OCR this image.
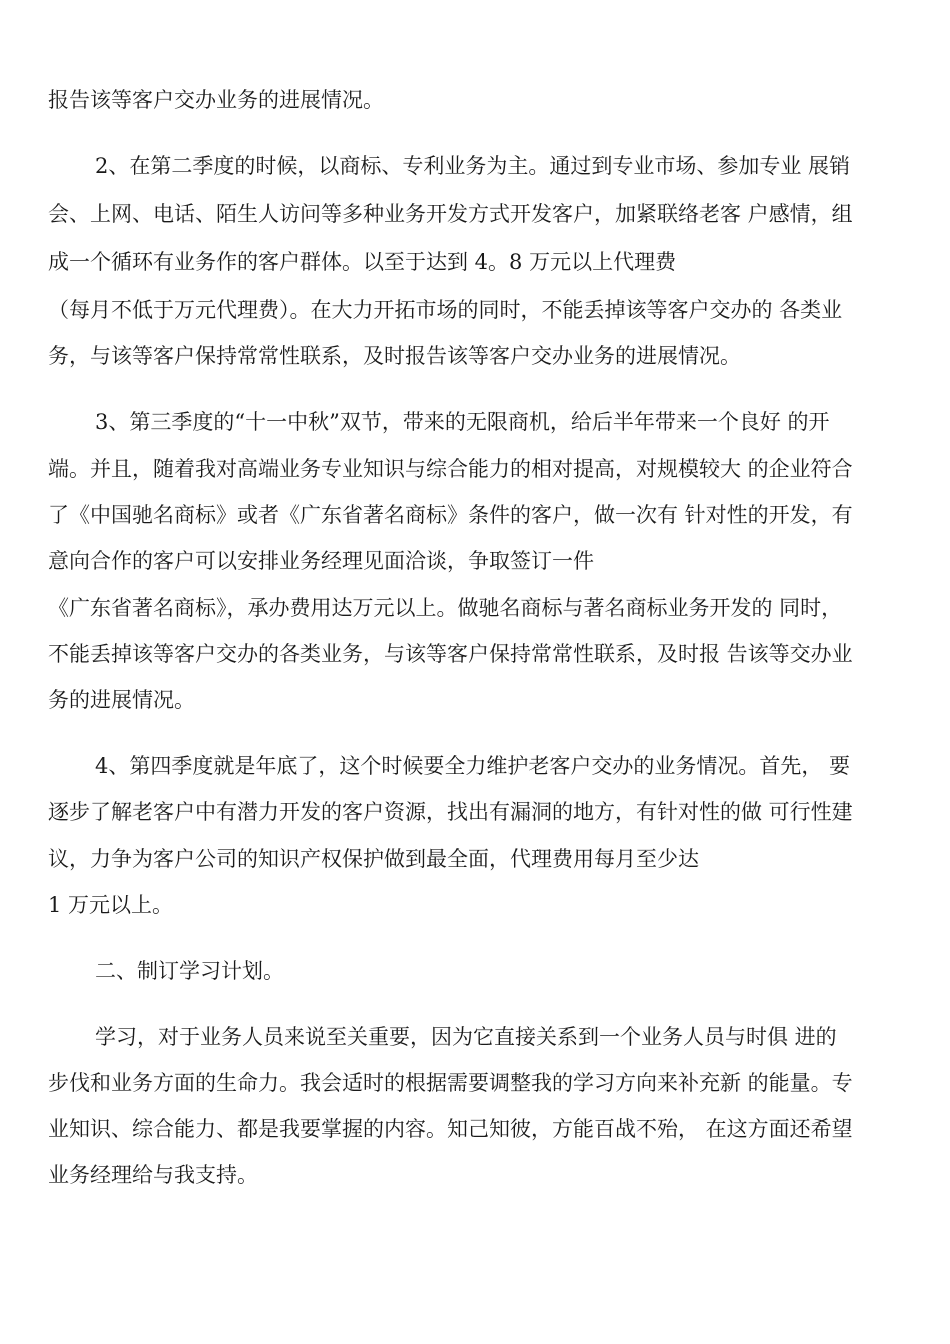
报告该等客户交办业务的进展情况。
2、在第二季度的时候，以商标、专利业务为主。通过到专业市场、参加专业 展销
会、上网、电话、陌生人访问等多种业务开发方式开发客户，加紧联络老客 户感情，组
成一个循环有业务作的客户群体。以至于达到 4。8 万元以上代理费
（每月不低于万元代理费）。在大力开拓市场的同时，不能丢掉该等客户交办的 各类业
务，与该等客户保持常常性联系，及时报告该等客户交办业务的进展情况。
3、第三季度的“十一中秋”双节，带来的无限商机，给后半年带来一个良好 的开
端。并且，随着我对高端业务专业知识与综合能力的相对提高，对规模较大 的企业符合
了《中国驰名商标》或者《广东省著名商标》条件的客户，做一次有 针对性的开发，有
意向合作的客户可以安排业务经理见面洽谈，争取签订一件
《广东省著名商标》，承办费用达万元以上。做驰名商标与著名商标业务开发的 同时，
不能丢掉该等客户交办的各类业务，与该等客户保持常常性联系，及时报 告该等交办业
务的进展情况。
4、第四季度就是年底了，这个时候要全力维护老客户交办的业务情况。首先， 要
逐步了解老客户中有潜力开发的客户资源，找出有漏洞的地方，有针对性的做 可行性建
议，力争为客户公司的知识产权保护做到最全面，代理费用每月至少达
1 万元以上。
二、制订学习计划。
学习，对于业务人员来说至关重要，因为它直接关系到一个业务人员与时俱 进的
步伐和业务方面的生命力。我会适时的根据需要调整我的学习方向来补充新 的能量。专
业知识、综合能力、都是我要掌握的内容。知己知彼，方能百战不殆， 在这方面还希望
业务经理给与我支持。
